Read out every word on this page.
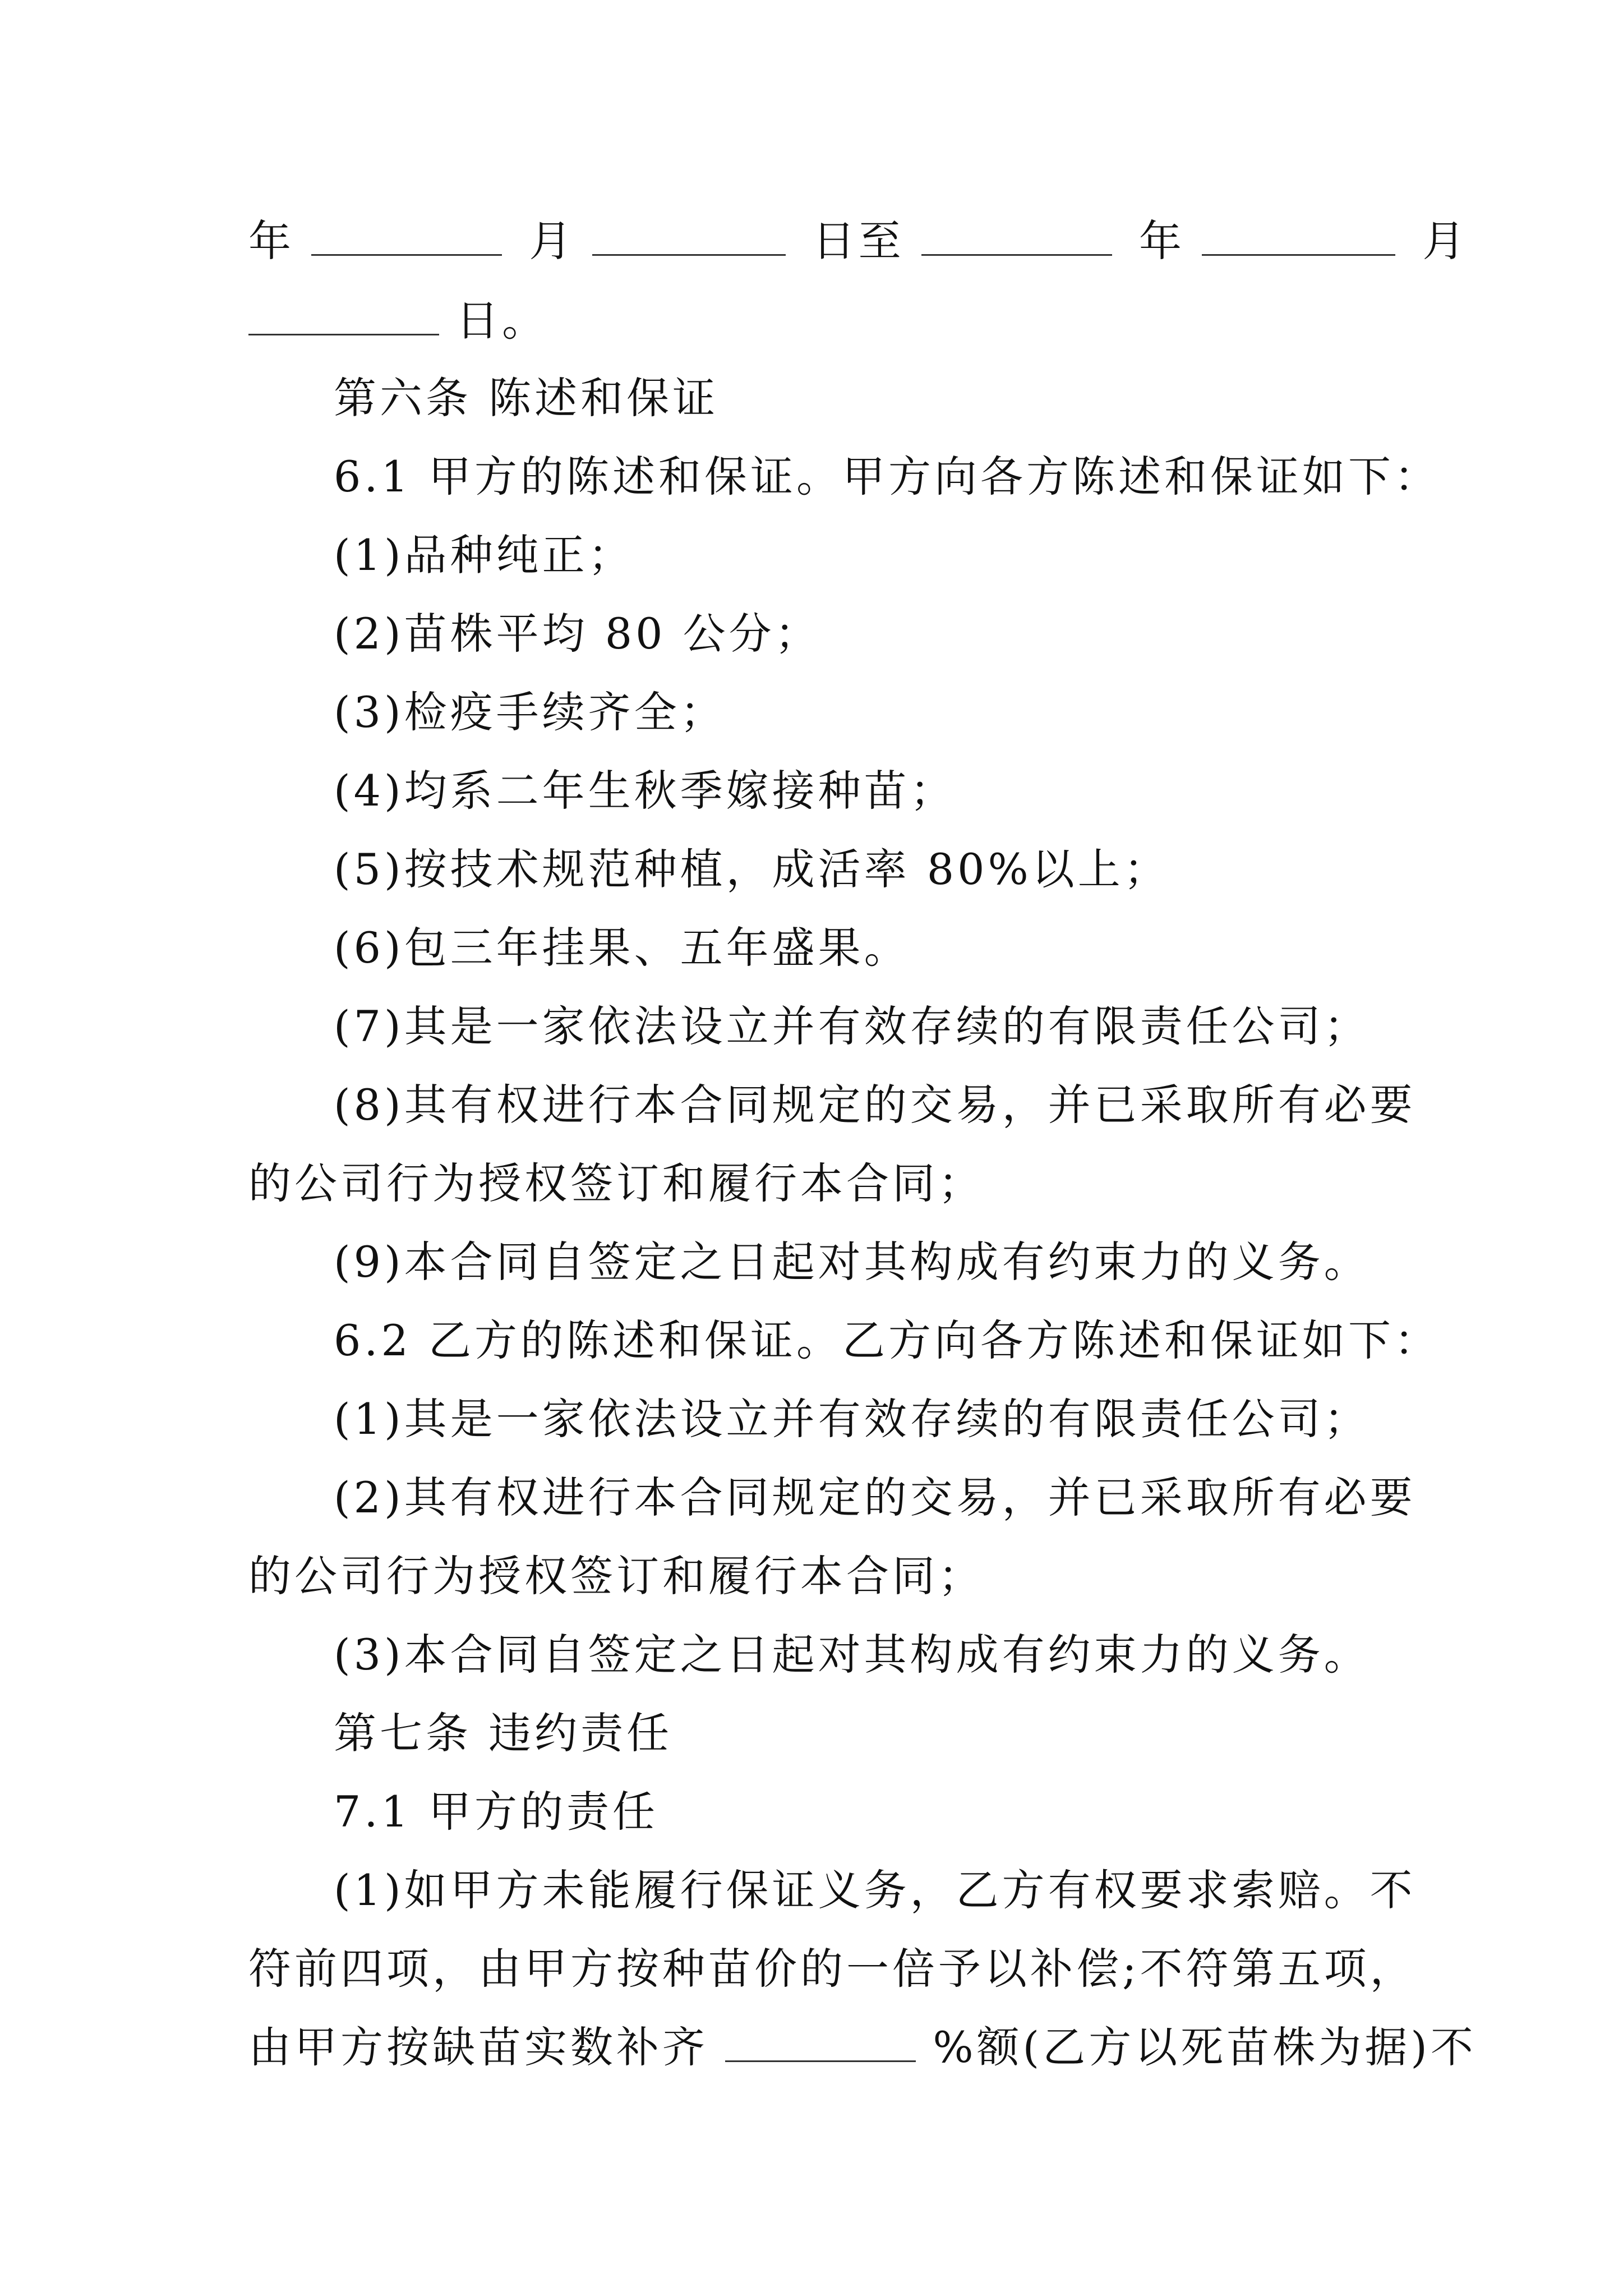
年	月	日至	年	月
日。
第六条 陈述和保证
6.1 甲方的陈述和保证。甲方向各方陈述和保证如下：
(1)品种纯正；
(2)苗株平均 80 公分；
(3)检疫手续齐全；
(4)均系二年生秋季嫁接种苗；
(5)按技术规范种植，成活率 80%以上；
(6)包三年挂果、五年盛果。
(7)其是一家依法设立并有效存续的有限责任公司；
(8)其有权进行本合同规定的交易，并已采取所有必要
的公司行为授权签订和履行本合同；
(9)本合同自签定之日起对其构成有约束力的义务。
6.2 乙方的陈述和保证。乙方向各方陈述和保证如下：
(1)其是一家依法设立并有效存续的有限责任公司；
(2)其有权进行本合同规定的交易，并已采取所有必要
的公司行为授权签订和履行本合同；
(3)本合同自签定之日起对其构成有约束力的义务。
第七条 违约责任
7.1 甲方的责任
(1)如甲方未能履行保证义务，乙方有权要求索赔。不
符前四项，由甲方按种苗价的一倍予以补偿;不符第五项，
由甲方按缺苗实数补齐	%额(乙方以死苗株为据)不
